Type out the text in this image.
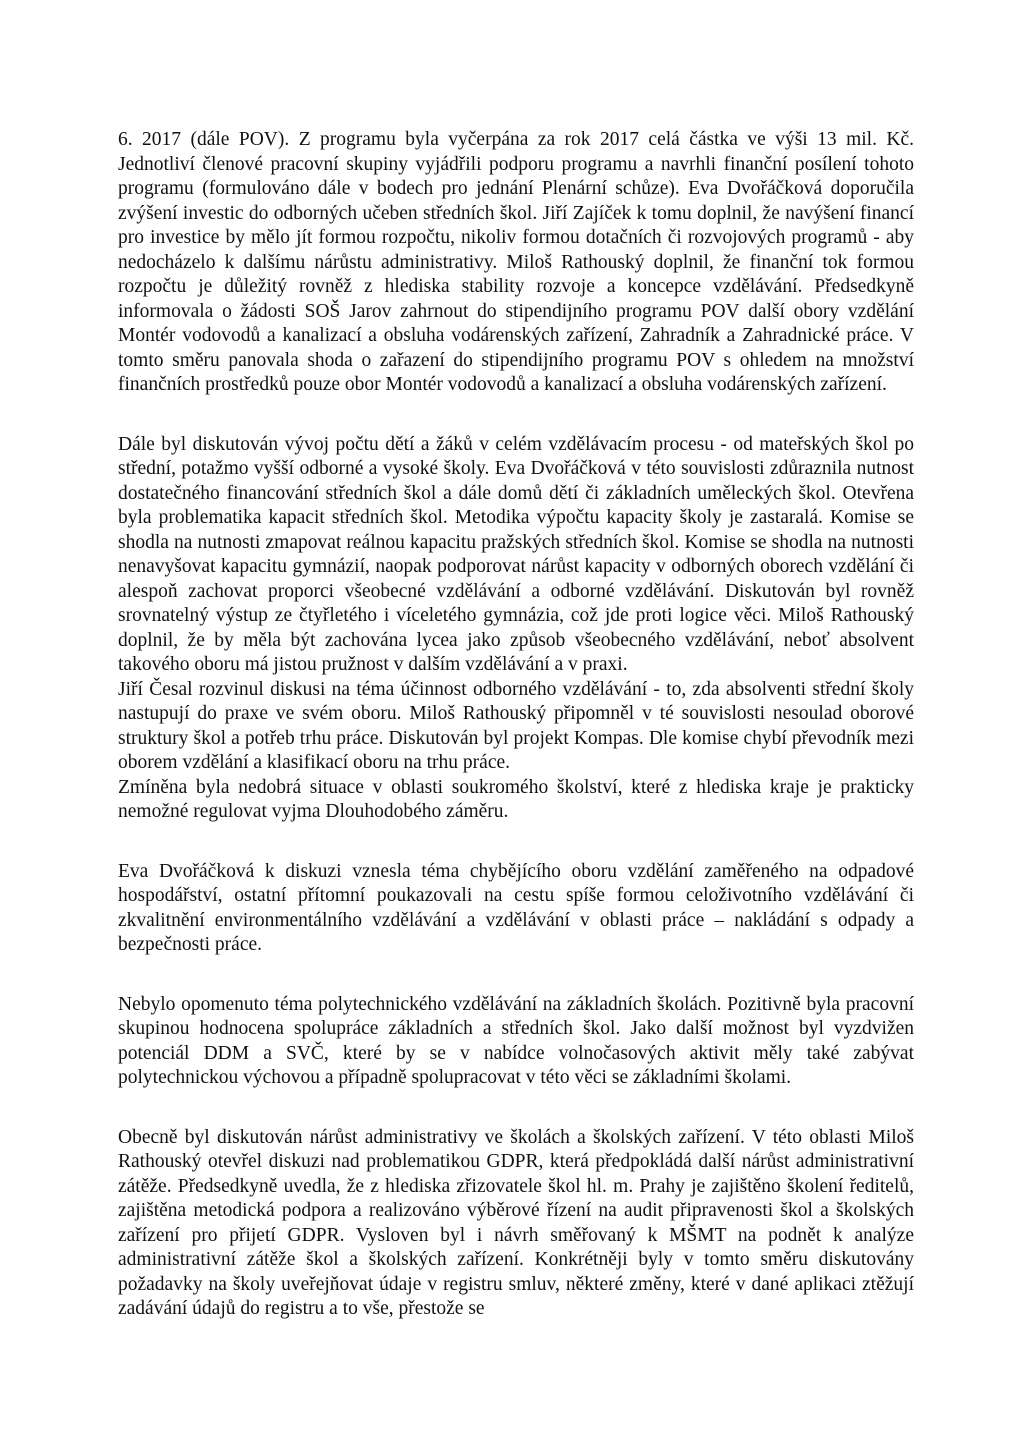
6. 2017 (dále POV). Z programu byla vyčerpána za rok 2017 celá částka ve výši 13 mil. Kč. Jednotliví členové pracovní skupiny vyjádřili podporu programu a navrhli finanční posílení tohoto programu (formulováno dále v bodech pro jednání Plenární schůze). Eva Dvořáčková doporučila zvýšení investic do odborných učeben středních škol. Jiří Zajíček k tomu doplnil, že navýšení financí pro investice by mělo jít formou rozpočtu, nikoliv formou dotačních či rozvojových programů - aby nedocházelo k dalšímu nárůstu administrativy. Miloš Rathouský doplnil, že finanční tok formou rozpočtu je důležitý rovněž z hlediska stability rozvoje a koncepce vzdělávání. Předsedkyně informovala o žádosti SOŠ Jarov zahrnout do stipendijního programu POV další obory vzdělání Montér vodovodů a kanalizací a obsluha vodárenských zařízení, Zahradník a Zahradnické práce. V tomto směru panovala shoda o zařazení do stipendijního programu POV s ohledem na množství finančních prostředků pouze obor Montér vodovodů a kanalizací a obsluha vodárenských zařízení.

Dále byl diskutován vývoj počtu dětí a žáků v celém vzdělávacím procesu - od mateřských škol po střední, potažmo vyšší odborné a vysoké školy. Eva Dvořáčková v této souvislosti zdůraznila nutnost dostatečného financování středních škol a dále domů dětí či základních uměleckých škol. Otevřena byla problematika kapacit středních škol. Metodika výpočtu kapacity školy je zastaralá. Komise se shodla na nutnosti zmapovat reálnou kapacitu pražských středních škol. Komise se shodla na nutnosti nenavyšovat kapacitu gymnázií, naopak podporovat nárůst kapacity v odborných oborech vzdělání či alespoň zachovat proporci všeobecné vzdělávání a odborné vzdělávání. Diskutován byl rovněž srovnatelný výstup ze čtyřletého i víceletého gymnázia, což jde proti logice věci. Miloš Rathouský doplnil, že by měla být zachována lycea jako způsob všeobecného vzdělávání, neboť absolvent takového oboru má jistou pružnost v dalším vzdělávání a v praxi.

Jiří Česal rozvinul diskusi na téma účinnost odborného vzdělávání - to, zda absolventi střední školy nastupují do praxe ve svém oboru. Miloš Rathouský připomněl v té souvislosti nesoulad oborové struktury škol a potřeb trhu práce. Diskutován byl projekt Kompas. Dle komise chybí převodník mezi oborem vzdělání a klasifikací oboru na trhu práce.

Zmíněna byla nedobrá situace v oblasti soukromého školství, které z hlediska kraje je prakticky nemožné regulovat vyjma Dlouhodobého záměru.

Eva Dvořáčková k diskuzi vznesla téma chybějícího oboru vzdělání zaměřeného na odpadové hospodářství, ostatní přítomní poukazovali na cestu spíše formou celoživotního vzdělávání či zkvalitnění environmentálního vzdělávání a vzdělávání v oblasti práce – nakládání s odpady a bezpečnosti práce.

Nebylo opomenuto téma polytechnického vzdělávání na základních školách. Pozitivně byla pracovní skupinou hodnocena spolupráce základních a středních škol. Jako další možnost byl vyzdvižen potenciál DDM a SVČ, které by se v nabídce volnočasových aktivit měly také zabývat polytechnickou výchovou a případně spolupracovat v této věci se základními školami.

Obecně byl diskutován nárůst administrativy ve školách a školských zařízení. V této oblasti Miloš Rathouský otevřel diskuzi nad problematikou GDPR, která předpokládá další nárůst administrativní zátěže. Předsedkyně uvedla, že z hlediska zřizovatele škol hl. m. Prahy je zajištěno školení ředitelů, zajištěna metodická podpora a realizováno výběrové řízení na audit připravenosti škol a školských zařízení pro přijetí GDPR. Vysloven byl i návrh směřovaný k MŠMT na podnět k analýze administrativní zátěže škol a školských zařízení. Konkrétněji byly v tomto směru diskutovány požadavky na školy uveřejňovat údaje v registru smluv, některé změny, které v dané aplikaci ztěžují zadávání údajů do registru a to vše, přestože se
